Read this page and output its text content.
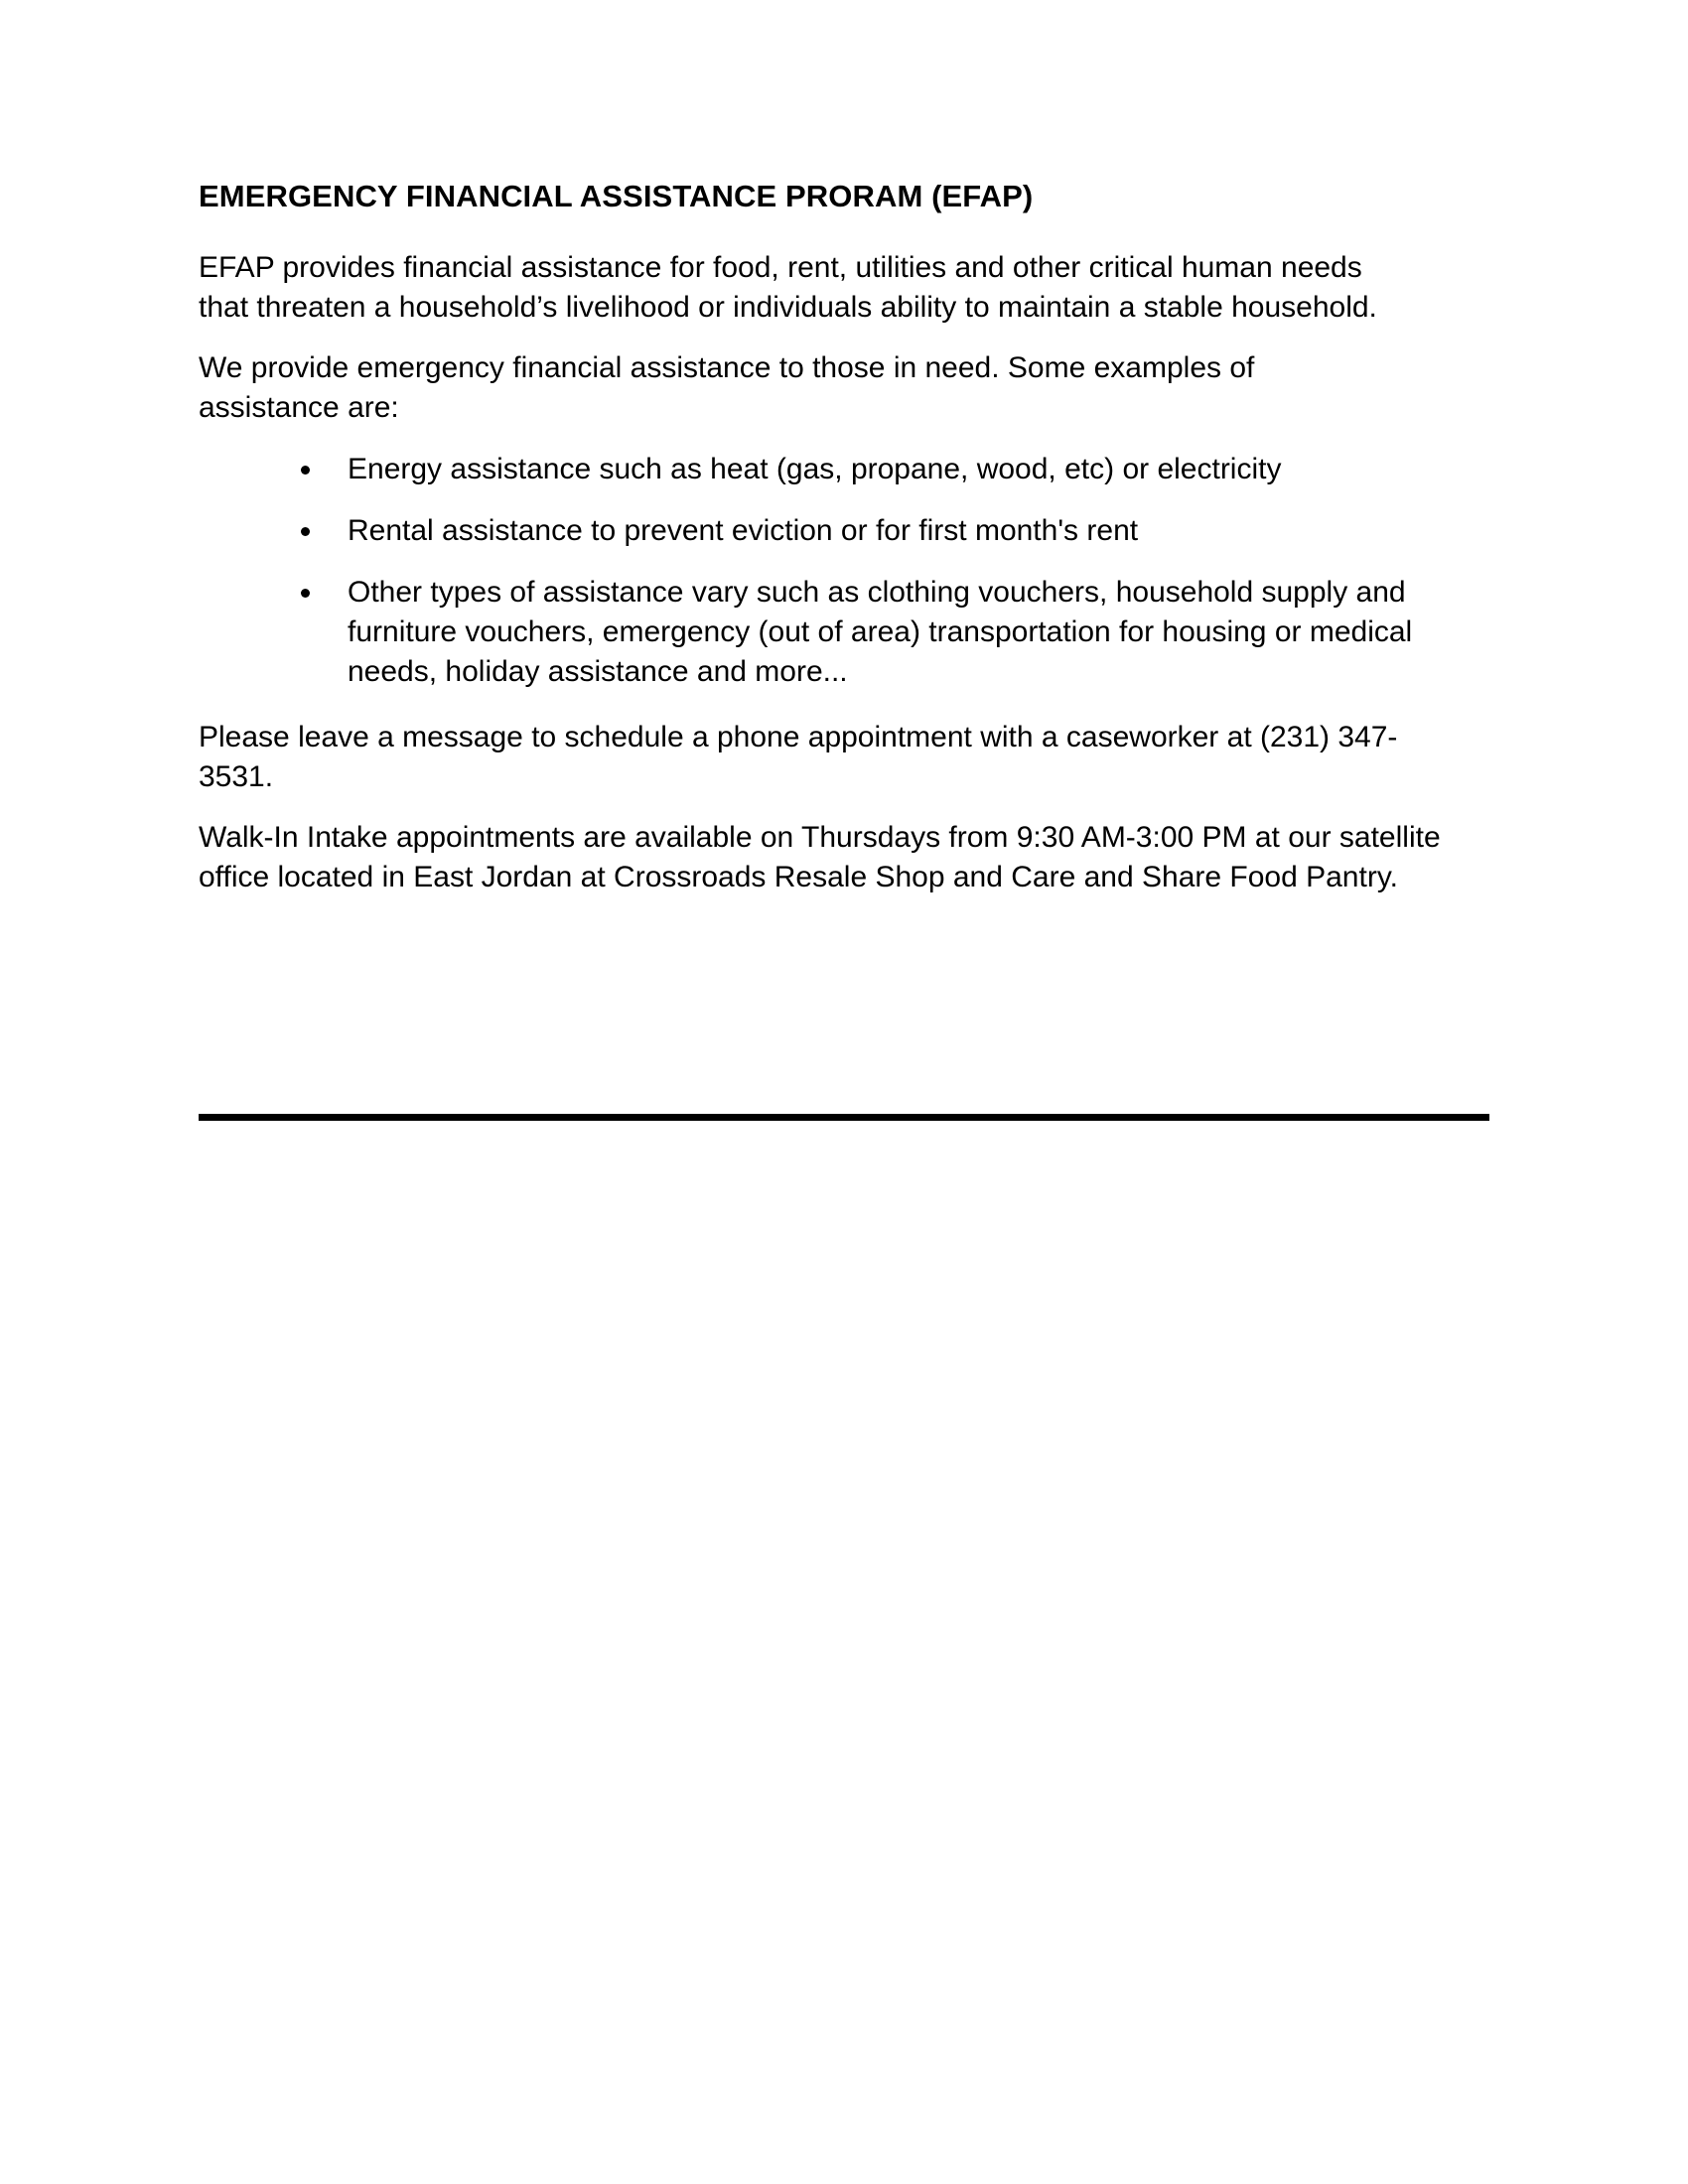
EMERGENCY FINANCIAL ASSISTANCE PRORAM (EFAP)

EFAP provides financial assistance for food, rent, utilities and other critical human needs that threaten a household’s livelihood or individuals ability to maintain a stable household.

We provide emergency financial assistance to those in need. Some examples of assistance are:

Energy assistance such as heat (gas, propane, wood, etc) or electricity
Rental assistance to prevent eviction or for first month's rent
Other types of assistance vary such as clothing vouchers, household supply and furniture vouchers, emergency (out of area) transportation for housing or medical needs, holiday assistance and more...

Please leave a message to schedule a phone appointment with a caseworker at (231) 347-3531.

Walk-In Intake appointments are available on Thursdays from 9:30 AM-3:00 PM at our satellite office located in East Jordan at Crossroads Resale Shop and Care and Share Food Pantry.
